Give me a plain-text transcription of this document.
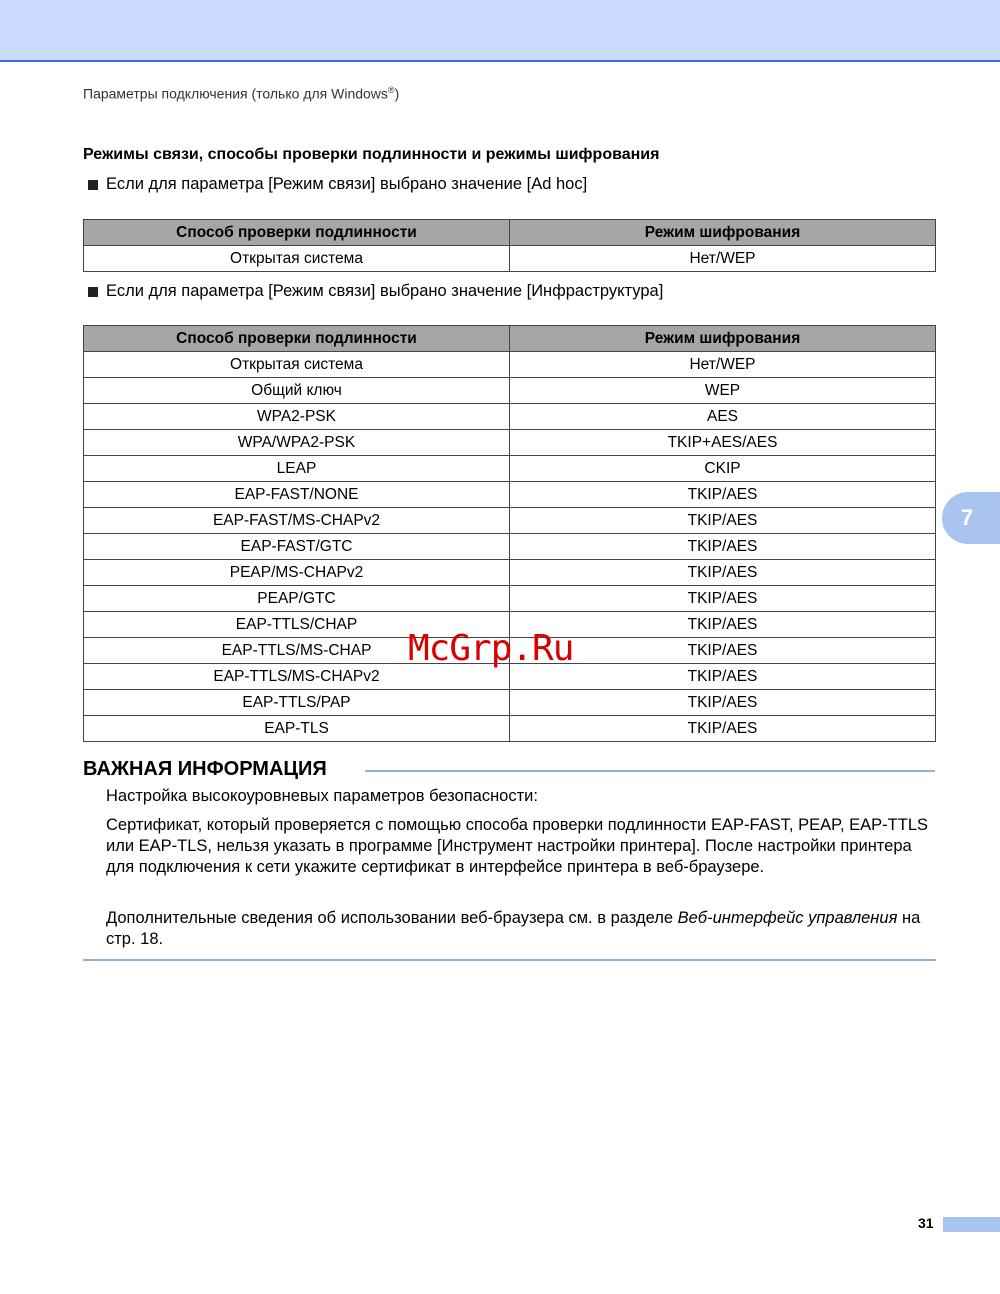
Параметры подключения (только для Windows®)
Режимы связи, способы проверки подлинности и режимы шифрования
Если для параметра [Режим связи] выбрано значение [Ad hoc]
Способ проверки подлинности	Режим шифрования
Открытая система	Нет/WEP
Если для параметра [Режим связи] выбрано значение [Инфраструктура]
Способ проверки подлинности	Режим шифрования
Открытая система	Нет/WEP
Общий ключ	WEP
WPA2-PSK	AES
WPA/WPA2-PSK	TKIP+AES/AES
LEAP	CKIP
EAP-FAST/NONE	TKIP/AES
EAP-FAST/MS-CHAPv2	TKIP/AES
EAP-FAST/GTC	TKIP/AES
PEAP/MS-CHAPv2	TKIP/AES
PEAP/GTC	TKIP/AES
EAP-TTLS/CHAP	TKIP/AES
EAP-TTLS/MS-CHAP	TKIP/AES
EAP-TTLS/MS-CHAPv2	TKIP/AES
EAP-TTLS/PAP	TKIP/AES
EAP-TLS	TKIP/AES
7
McGrp.Ru
ВАЖНАЯ ИНФОРМАЦИЯ
Настройка высокоуровневых параметров безопасности:
Сертификат, который проверяется с помощью способа проверки подлинности EAP-FAST, PEAP, EAP-TTLS или EAP-TLS, нельзя указать в программе [Инструмент настройки принтера]. После настройки принтера для подключения к сети укажите сертификат в интерфейсе принтера в веб-браузере.
Дополнительные сведения об использовании веб-браузера см. в разделе Веб-интерфейс управления на стр. 18.
31
